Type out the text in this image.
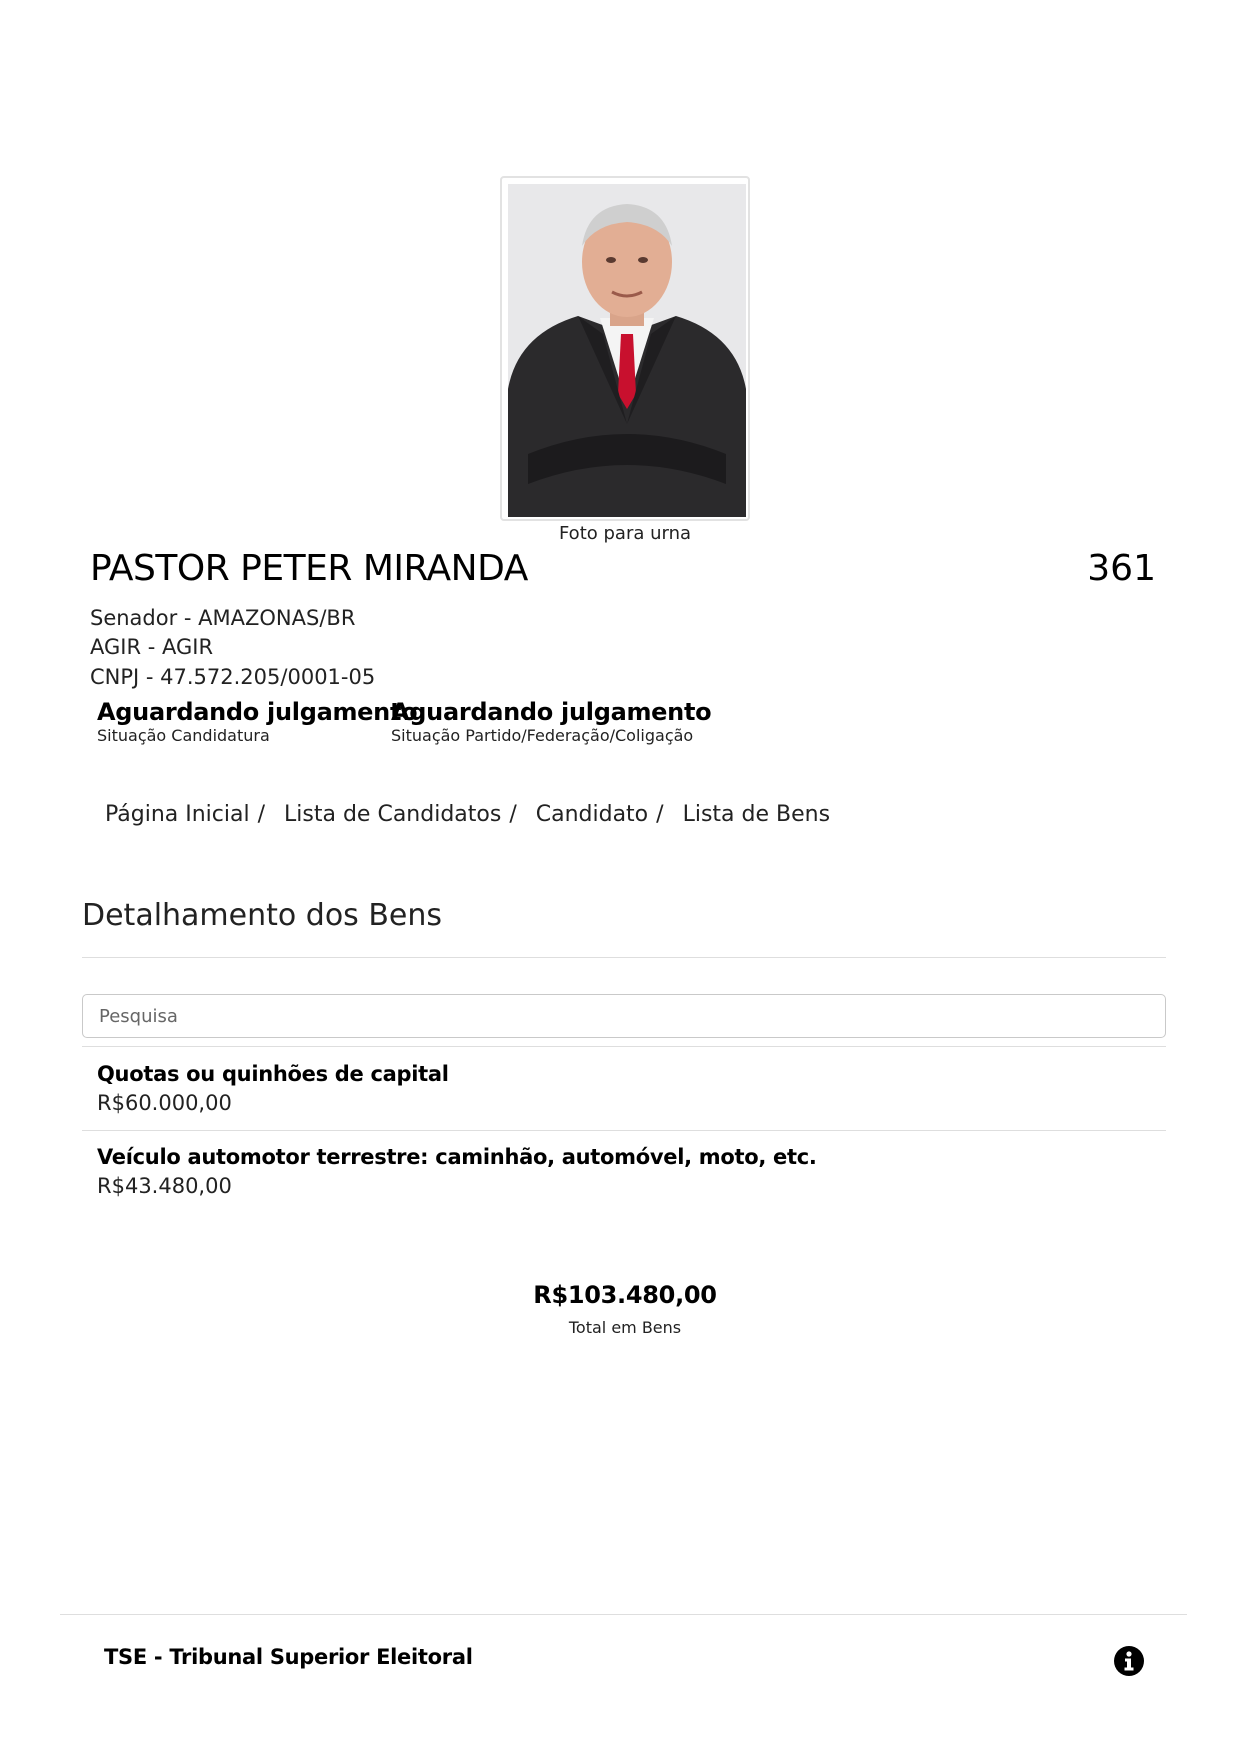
Foto para urna
PASTOR PETER MIRANDA	361
Senador - AMAZONAS/BR
AGIR - AGIR
CNPJ - 47.572.205/0001-05
Aguardando julgamento
Situação Candidatura
Aguardando julgamento
Situação Partido/Federação/Coligação
Página Inicial / Lista de Candidatos / Candidato / Lista de Bens
Detalhamento dos Bens
Pesquisa
Quotas ou quinhões de capital
R$60.000,00
Veículo automotor terrestre: caminhão, automóvel, moto, etc.
R$43.480,00
R$103.480,00
Total em Bens
TSE - Tribunal Superior Eleitoral
